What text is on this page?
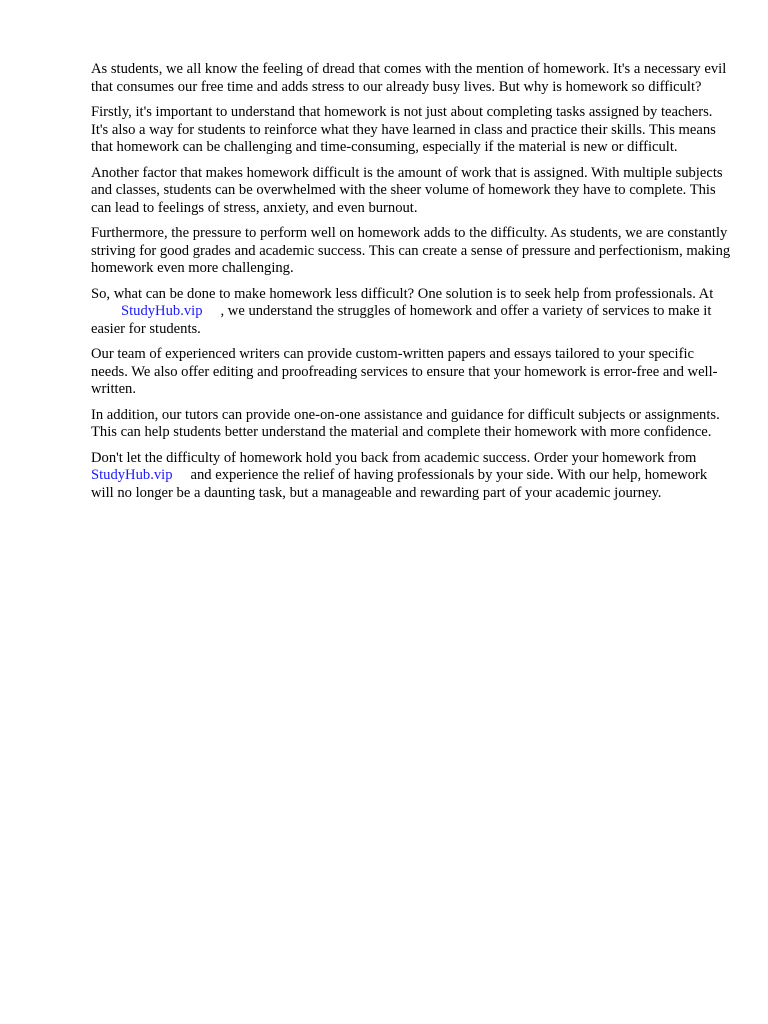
As students, we all know the feeling of dread that comes with the mention of homework. It's a necessary evil that consumes our free time and adds stress to our already busy lives. But why is homework so difficult?

Firstly, it's important to understand that homework is not just about completing tasks assigned by teachers. It's also a way for students to reinforce what they have learned in class and practice their skills. This means that homework can be challenging and time-consuming, especially if the material is new or difficult.

Another factor that makes homework difficult is the amount of work that is assigned. With multiple subjects and classes, students can be overwhelmed with the sheer volume of homework they have to complete. This can lead to feelings of stress, anxiety, and even burnout.

Furthermore, the pressure to perform well on homework adds to the difficulty. As students, we are constantly striving for good grades and academic success. This can create a sense of pressure and perfectionism, making homework even more challenging.

So, what can be done to make homework less difficult? One solution is to seek help from professionals. AtStudyHub.vip , we understand the struggles of homework and offer a variety of services to make it easier for students.

Our team of experienced writers can provide custom-written papers and essays tailored to your specific needs. We also offer editing and proofreading services to ensure that your homework is error-free and well-written.

In addition, our tutors can provide one-on-one assistance and guidance for difficult subjects or assignments. This can help students better understand the material and complete their homework with more confidence.

Don't let the difficulty of homework hold you back from academic success. Order your homework fromStudyHub.vip and experience the relief of having professionals by your side. With our help, homework will no longer be a daunting task, but a manageable and rewarding part of your academic journey.
